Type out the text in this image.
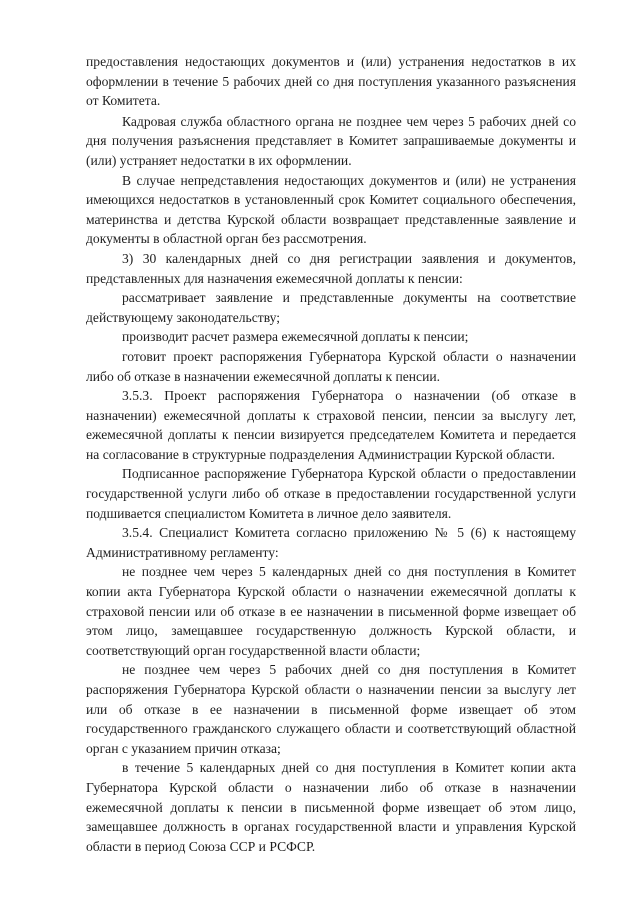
предоставления недостающих документов и (или) устранения недостатков в их оформлении в течение 5 рабочих дней со дня поступления указанного разъяснения от Комитета.

Кадровая служба областного органа не позднее чем через 5 рабочих дней со дня получения разъяснения представляет в Комитет запрашиваемые документы и (или) устраняет недостатки в их оформлении.

В случае непредставления недостающих документов и (или) не устранения имеющихся недостатков в установленный срок Комитет социального обеспечения, материнства и детства Курской области возвращает представленные заявление и документы в областной орган без рассмотрения.

3) 30 календарных дней со дня регистрации заявления и документов, представленных для назначения ежемесячной доплаты к пенсии:

рассматривает заявление и представленные документы на соответствие действующему законодательству;

производит расчет размера ежемесячной доплаты к пенсии;

готовит проект распоряжения Губернатора Курской области о назначении либо об отказе в назначении ежемесячной доплаты к пенсии.

3.5.3. Проект распоряжения Губернатора о назначении (об отказе в назначении) ежемесячной доплаты к страховой пенсии, пенсии за выслугу лет, ежемесячной доплаты к пенсии визируется председателем Комитета и передается на согласование в структурные подразделения Администрации Курской области.

Подписанное распоряжение Губернатора Курской области о предоставлении государственной услуги либо об отказе в предоставлении государственной услуги подшивается специалистом Комитета в личное дело заявителя.

3.5.4. Специалист Комитета согласно приложению № 5 (6) к настоящему Административному регламенту:

не позднее чем через 5 календарных дней со дня поступления в Комитет копии акта Губернатора Курской области о назначении ежемесячной доплаты к страховой пенсии или об отказе в ее назначении в письменной форме извещает об этом лицо, замещавшее государственную должность Курской области, и соответствующий орган государственной власти области;

не позднее чем через 5 рабочих дней со дня поступления в Комитет распоряжения Губернатора Курской области о назначении пенсии за выслугу лет или об отказе в ее назначении в письменной форме извещает об этом государственного гражданского служащего области и соответствующий областной орган с указанием причин отказа;

в течение 5 календарных дней со дня поступления в Комитет копии акта Губернатора Курской области о назначении либо об отказе в назначении ежемесячной доплаты к пенсии в письменной форме извещает об этом лицо, замещавшее должность в органах государственной власти и управления Курской области в период Союза ССР и РСФСР.
